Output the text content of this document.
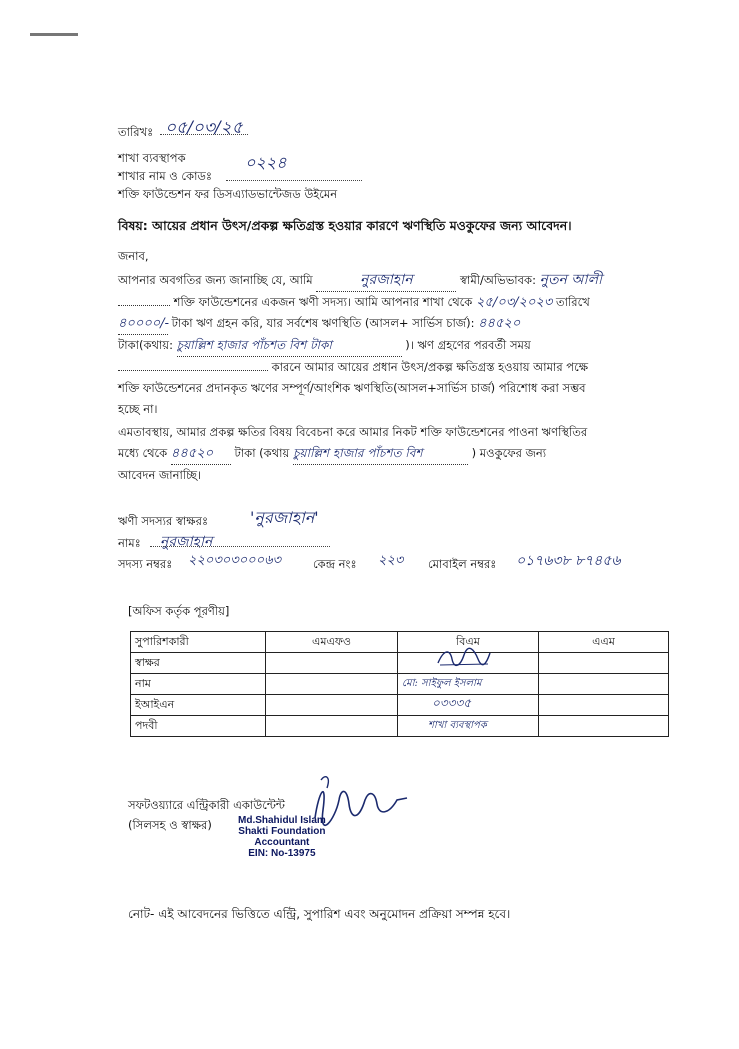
তারিখঃ ০৫/০৩/২৫
শাখা ব্যবস্থাপক	০২২৪
শাখার নাম ও কোডঃ
শক্তি ফাউন্ডেশন ফর ডিসএ্যাডভান্টেজড উইমেন
বিষয়: আয়ের প্রধান উৎস/প্রকল্প ক্ষতিগ্রস্ত হওয়ার কারণে ঋণস্থিতি মওকুফের জন্য আবেদন।
জনাব,
আপনার অবগতির জন্য জানাচ্ছি যে, আমি	নুরজাহান	স্বামী/অভিভাবক: নুতন আলী
শক্তি ফাউন্ডেশনের একজন ঋণী সদস্য। আমি আপনার শাখা থেকে ২৫/০৩/২০২৩ তারিখে
৪০০০০/- টাকা ঋণ গ্রহন করি, যার সর্বশেষ ঋণস্থিতি (আসল+ সার্ভিস চার্জ): ৪৪৫২০
টাকা(কথায়: চুয়াল্লিশ হাজার পাঁচশত বিশ টাকা	)। ঋণ গ্রহণের পরবর্তী সময়
কারনে আমার আয়ের প্রধান উৎস/প্রকল্প ক্ষতিগ্রস্ত হওয়ায় আমার পক্ষে
শক্তি ফাউন্ডেশনের প্রদানকৃত ঋণের সম্পূর্ণ/আংশিক ঋণস্থিতি(আসল+সার্ভিস চার্জ) পরিশোধ করা সম্ভব
হচ্ছে না।
এমতাবস্থায়, আমার প্রকল্প ক্ষতির বিষয় বিবেচনা করে আমার নিকট শক্তি ফাউন্ডেশনের পাওনা ঋণস্থিতির
মধ্যে থেকে ৪৪৫২০ টাকা (কথায় চুয়াল্লিশ হাজার পাঁচশত বিশ	) মওকুফের জন্য
আবেদন জানাচ্ছি।
ঋণী সদস্যর স্বাক্ষরঃ	'নুরজাহান'
নামঃ নুরজাহান
সদস্য নম্বরঃ ২২০৩০৩০০০৬৩	কেন্দ্র নংঃ ২২৩ মোবাইল নম্বরঃ ০১৭৬৩৮ ৮৭৪৫৬
[অফিস কর্তৃক পূরণীয়]
সুপারিশকারী	এমএফও	বিএম	এএম
স্বাক্ষর		

নাম		মো: সাইফুল ইসলাম	
ইআইএন		০৩৩৩৫	
পদবী		শাখা ব্যবস্থাপক	
সফটওয়্যারে এন্ট্রিকারী একাউন্টেন্ট
(সিলসহ ও স্বাক্ষর)	Md.Shahidul Islam
Shakti Foundation
Accountant
EIN: No-13975
নোট- এই আবেদনের ভিত্তিতে এন্ট্রি, সুপারিশ এবং অনুমোদন প্রক্রিয়া সম্পন্ন হবে।
